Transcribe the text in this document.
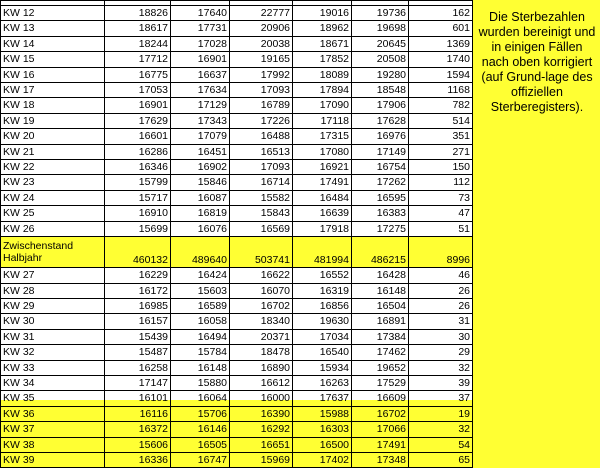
KW 12	18826	17640	22777	19016	19736	162
KW 13	18617	17731	20906	18962	19698	601
KW 14	18244	17028	20038	18671	20645	1369
KW 15	17712	16901	19165	17852	20508	1740
KW 16	16775	16637	17992	18089	19280	1594
KW 17	17053	17634	17093	17894	18548	1168
KW 18	16901	17129	16789	17090	17906	782
KW 19	17629	17343	17226	17118	17628	514
KW 20	16601	17079	16488	17315	16976	351
KW 21	16286	16451	16513	17080	17149	271
KW 22	16346	16902	17093	16921	16754	150
KW 23	15799	15846	16714	17491	17262	112
KW 24	15717	16087	15582	16484	16595	73
KW 25	16910	16819	15843	16639	16383	47
KW 26	15699	16076	16569	17918	17275	51
Zwischenstand Halbjahr	460132	489640	503741	481994	486215	8996
KW 27	16229	16424	16622	16552	16428	46
KW 28	16172	15603	16070	16319	16148	26
KW 29	16985	16589	16702	16856	16504	26
KW 30	16157	16058	18340	19630	16891	31
KW 31	15439	16494	20371	17034	17384	30
KW 32	15487	15784	18478	16540	17462	29
KW 33	16258	16148	16890	15934	19652	32
KW 34	17147	15880	16612	16263	17529	39
KW 35	16101	16064	16000	17637	16609	37
KW 36	16116	15706	16390	15988	16702	19
KW 37	16372	16146	16292	16303	17066	32
KW 38	15606	16505	16651	16500	17491	54
KW 39	16336	16747	15969	17402	17348	65
Die Sterbezahlen wurden bereinigt und in einigen Fällen nach oben korrigiert (auf Grund-lage des offiziellen Sterberegisters).
